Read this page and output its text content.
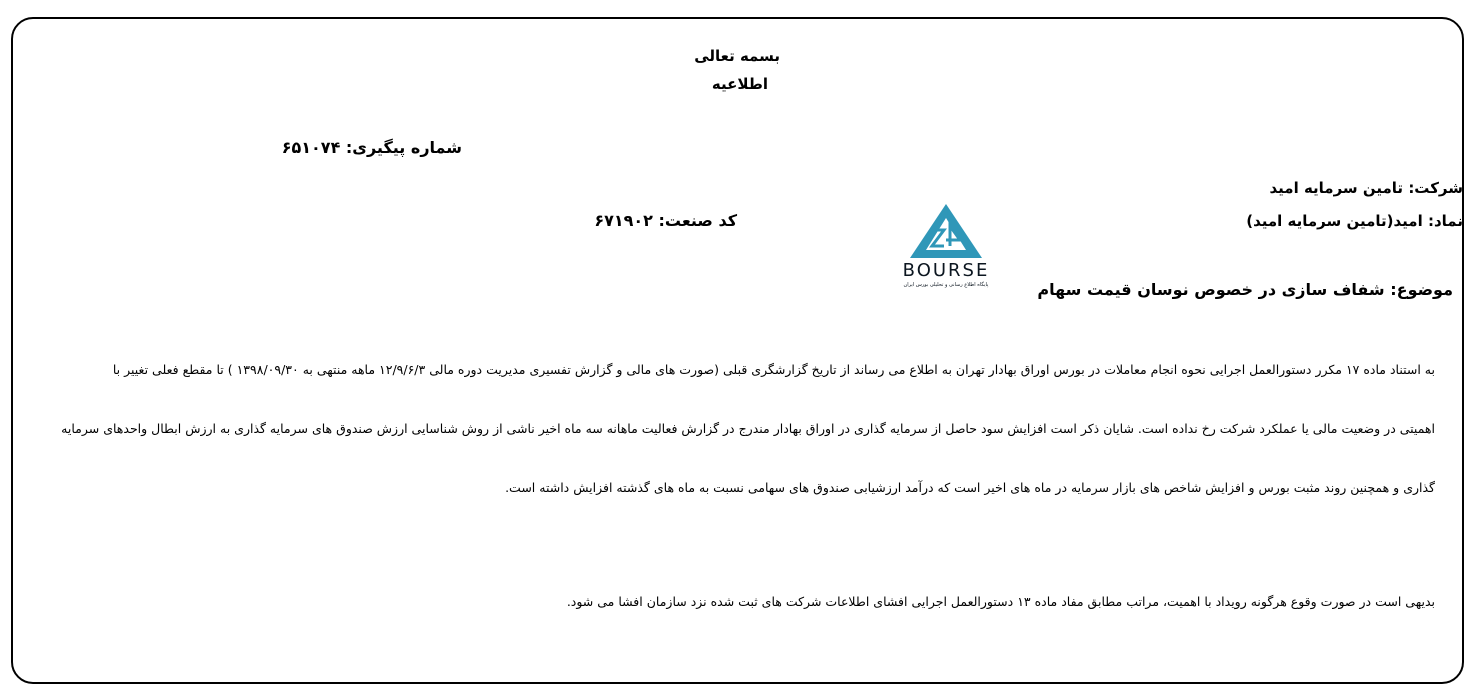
بسمه تعالی
اطلاعیه
شماره پیگیری: ۶۵۱۰۷۴
شرکت: تامین سرمایه امید
نماد: امید(تامین سرمایه امید)
کد صنعت: ۶۷۱۹۰۲
موضوع: شفاف سازی در خصوص نوسان قیمت سهام
BOURSE
پایگاه اطلاع رسانی و تحلیلی بورس ایران
به استناد ماده ۱۷ مکرر دستورالعمل اجرایی نحوه انجام معاملات در بورس اوراق بهادار تهران به اطلاع می رساند از تاریخ گزارشگری قبلی (صورت های مالی و گزارش تفسیری مدیریت دوره مالی ۱۲/۹/۶/۳ ماهه منتهی به ۱۳۹۸/۰۹/۳۰ ) تا مقطع فعلی تغییر با
اهمیتی در وضعیت مالی یا عملکرد شرکت رخ نداده است. شایان ذکر است افزایش سود حاصل از سرمایه گذاری در اوراق بهادار مندرج در گزارش فعالیت ماهانه سه ماه اخیر ناشی از روش شناسایی ارزش صندوق های سرمایه گذاری به ارزش ابطال واحدهای سرمایه
گذاری و همچنین روند مثبت بورس و افزایش شاخص های بازار سرمایه در ماه های اخیر است که درآمد ارزشیابی صندوق های سهامی نسبت به ماه های گذشته افزایش داشته است.
بدیهی است در صورت وقوع هرگونه رویداد با اهمیت، مراتب مطابق مفاد ماده ۱۳ دستورالعمل اجرایی افشای اطلاعات شرکت های ثبت شده نزد سازمان افشا می شود.
